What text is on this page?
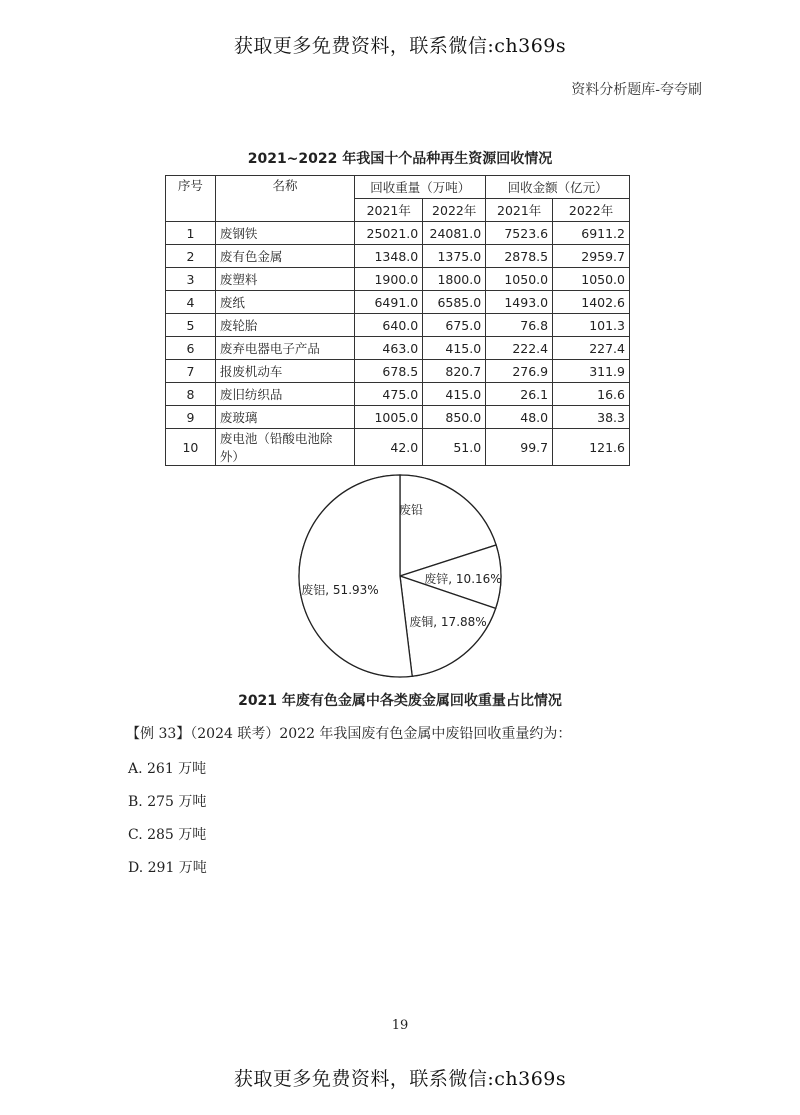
获取更多免费资料，联系微信:ch369s
资料分析题库-夸夸刷
2021~2022 年我国十个品种再生资源回收情况
序号	名称	回收重量（万吨）		回收金额（亿元）	
		2021年	2022年	2021年	2022年
1	废钢铁	25021.0	24081.0	7523.6	6911.2
2	废有色金属	1348.0	1375.0	2878.5	2959.7
3	废塑料	1900.0	1800.0	1050.0	1050.0
4	废纸	6491.0	6585.0	1493.0	1402.6
5	废轮胎	640.0	675.0	76.8	101.3
6	废弃电器电子产品	463.0	415.0	222.4	227.4
7	报废机动车	678.5	820.7	276.9	311.9
8	废旧纺织品	475.0	415.0	26.1	16.6
9	废玻璃	1005.0	850.0	48.0	38.3
10	废电池（铅酸电池除外）	42.0	51.0	99.7	121.6
废铅
废锌, 10.16%
废铜, 17.88%
废铝, 51.93%
2021 年废有色金属中各类废金属回收重量占比情况
【例 33】（2024 联考）2022 年我国废有色金属中废铅回收重量约为：
A. 261 万吨
B. 275 万吨
C. 285 万吨
D. 291 万吨
19
获取更多免费资料，联系微信:ch369s
